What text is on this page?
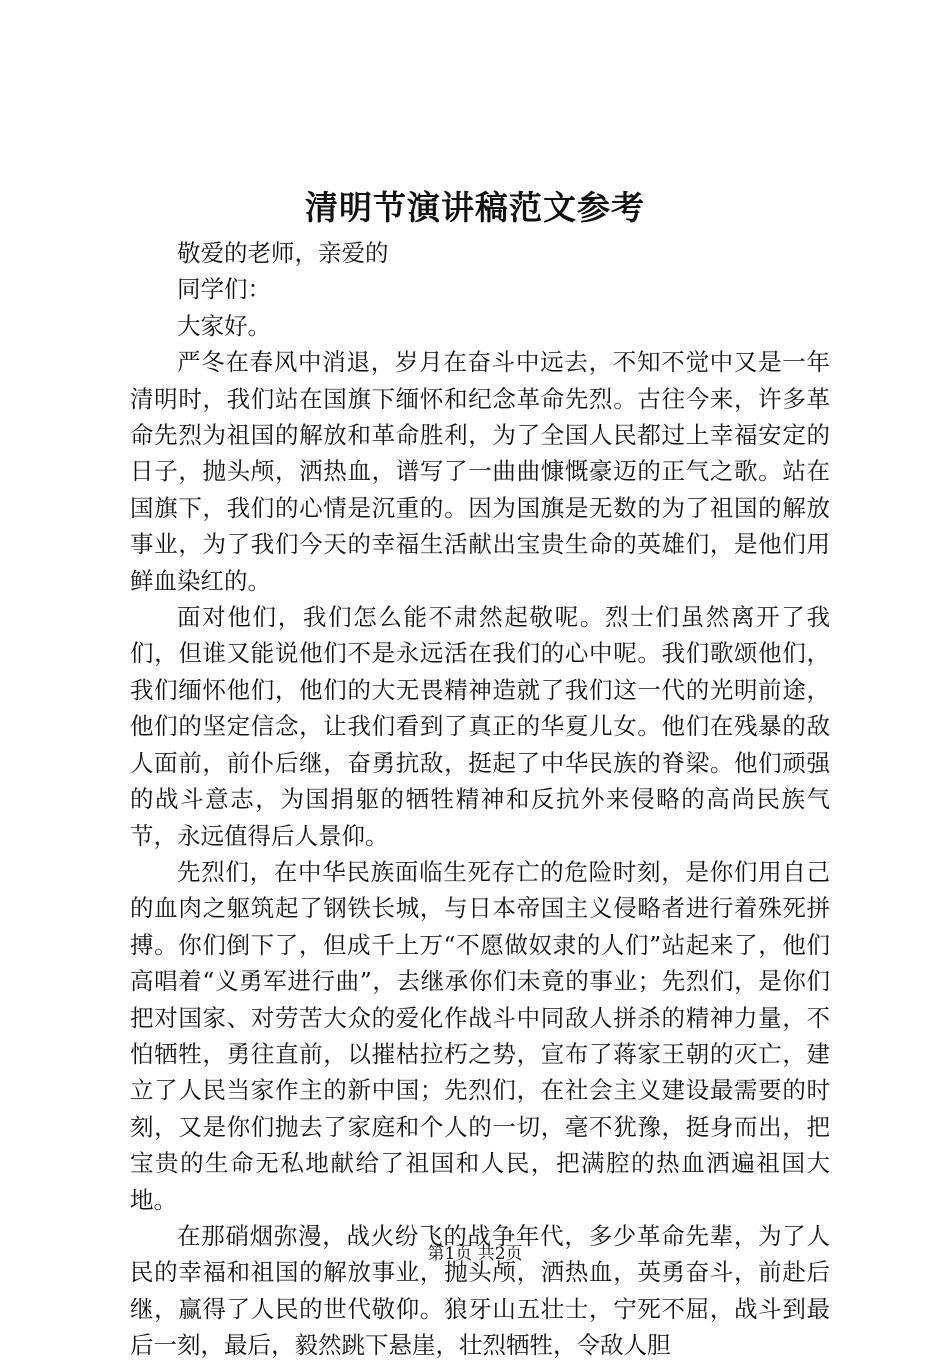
清明节演讲稿范文参考

敬爱的老师，亲爱的

同学们：

大家好。

严冬在春风中消退，岁月在奋斗中远去，不知不觉中又是一年清明时，我们站在国旗下缅怀和纪念革命先烈。古往今来，许多革命先烈为祖国的解放和革命胜利，为了全国人民都过上幸福安定的日子，抛头颅，洒热血，谱写了一曲曲慷慨豪迈的正气之歌。站在国旗下，我们的心情是沉重的。因为国旗是无数的为了祖国的解放事业，为了我们今天的幸福生活献出宝贵生命的英雄们，是他们用鲜血染红的。

面对他们，我们怎么能不肃然起敬呢。烈士们虽然离开了我们，但谁又能说他们不是永远活在我们的心中呢。我们歌颂他们，我们缅怀他们，他们的大无畏精神造就了我们这一代的光明前途，他们的坚定信念，让我们看到了真正的华夏儿女。他们在残暴的敌人面前，前仆后继，奋勇抗敌，挺起了中华民族的脊梁。他们顽强的战斗意志，为国捐躯的牺牲精神和反抗外来侵略的高尚民族气节，永远值得后人景仰。

先烈们，在中华民族面临生死存亡的危险时刻，是你们用自己的血肉之躯筑起了钢铁长城，与日本帝国主义侵略者进行着殊死拼搏。你们倒下了，但成千上万“不愿做奴隶的人们”站起来了，他们高唱着“义勇军进行曲”，去继承你们未竟的事业；先烈们，是你们把对国家、对劳苦大众的爱化作战斗中同敌人拼杀的精神力量，不怕牺牲，勇往直前，以摧枯拉朽之势，宣布了蒋家王朝的灭亡，建立了人民当家作主的新中国；先烈们，在社会主义建设最需要的时刻，又是你们抛去了家庭和个人的一切，毫不犹豫，挺身而出，把宝贵的生命无私地献给了祖国和人民，把满腔的热血洒遍祖国大地。

在那硝烟弥漫，战火纷飞的战争年代，多少革命先辈，为了人民的幸福和祖国的解放事业，抛头颅，洒热血，英勇奋斗，前赴后继，赢得了人民的世代敬仰。狼牙山五壮士，宁死不屈，战斗到最后一刻，最后，毅然跳下悬崖，壮烈牺牲，令敌人胆

第1页 共2页
